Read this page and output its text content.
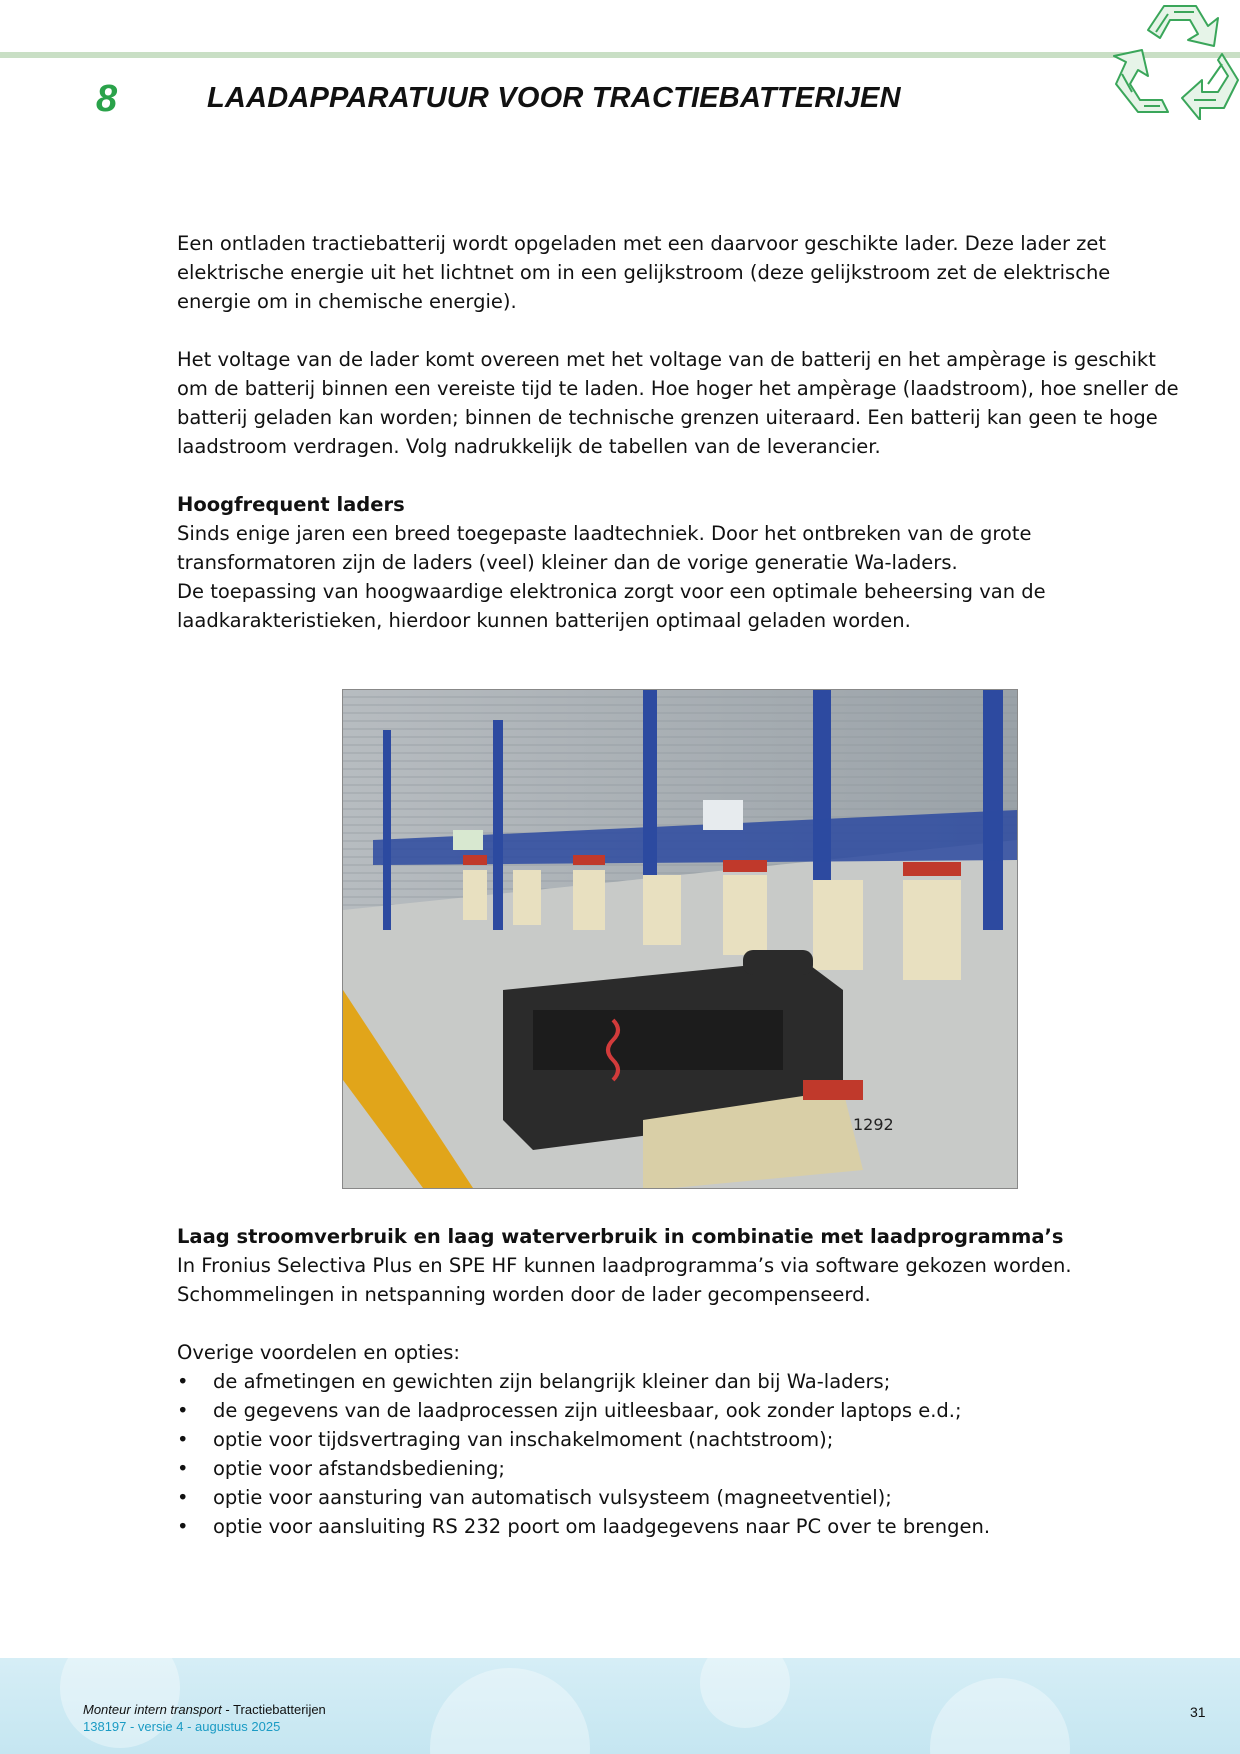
8	LAADAPPARATUUR VOOR TRACTIEBATTERIJEN

Een ontladen tractiebatterij wordt opgeladen met een daarvoor geschikte lader. Deze lader zet elektrische energie uit het lichtnet om in een gelijkstroom (deze gelijkstroom zet de elektrische energie om in chemische energie).

Het voltage van de lader komt overeen met het voltage van de batterij en het ampèrage is geschikt om de batterij binnen een vereiste tijd te laden. Hoe hoger het ampèrage (laadstroom), hoe sneller de batterij geladen kan worden; binnen de technische grenzen uiteraard. Een batterij kan geen te hoge laadstroom verdragen. Volg nadrukkelijk de tabellen van de leverancier.

Hoogfrequent laders

Sinds enige jaren een breed toegepaste laadtechniek. Door het ontbreken van de grote transformatoren zijn de laders (veel) kleiner dan de vorige generatie Wa-laders.

De toepassing van hoogwaardige elektronica zorgt voor een optimale beheersing van de laadkarakteristieken, hierdoor kunnen batterijen optimaal geladen worden.

1292

Laag stroomverbruik en laag waterverbruik in combinatie met laadprogramma’s

In Fronius Selectiva Plus en SPE HF kunnen laadprogramma’s via software gekozen worden.

Schommelingen in netspanning worden door de lader gecompenseerd.

Overige voordelen en opties:

• de afmetingen en gewichten zijn belangrijk kleiner dan bij Wa-laders;
• de gegevens van de laadprocessen zijn uitleesbaar, ook zonder laptops e.d.;
• optie voor tijdsvertraging van inschakelmoment (nachtstroom);
• optie voor afstandsbediening;
• optie voor aansturing van automatisch vulsysteem (magneetventiel);
• optie voor aansluiting RS 232 poort om laadgegevens naar PC over te brengen.
Monteur intern transport - Tractiebatterijen
138197 - versie 4 - augustus 2025
31
